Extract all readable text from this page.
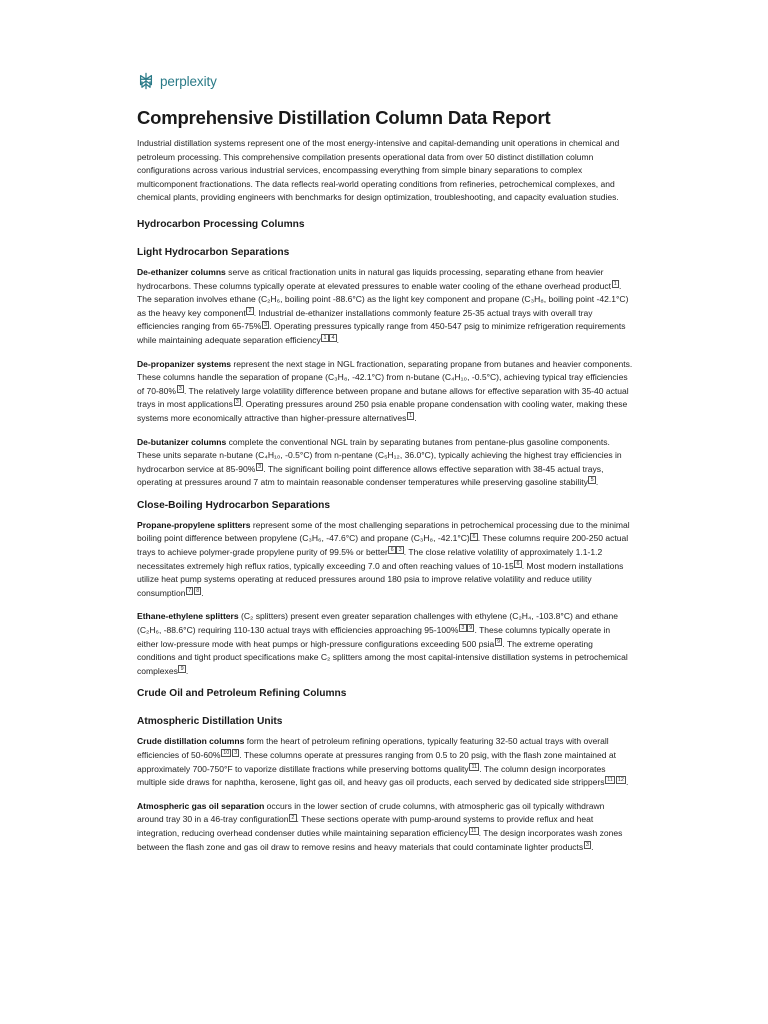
perplexity
Comprehensive Distillation Column Data Report

Industrial distillation systems represent one of the most energy-intensive and capital-demanding unit operations in chemical and petroleum processing. This comprehensive compilation presents operational data from over 50 distinct distillation column configurations across various industrial services, encompassing everything from simple binary separations to complex multicomponent fractionations. The data reflects real-world operating conditions from refineries, petrochemical complexes, and chemical plants, providing engineers with benchmarks for design optimization, troubleshooting, and capacity evaluation studies.

Hydrocarbon Processing Columns
Light Hydrocarbon Separations

De-ethanizer columns serve as critical fractionation units in natural gas liquids processing, separating ethane from heavier hydrocarbons. These columns typically operate at elevated pressures to enable water cooling of the ethane overhead product $^1$ . The separation involves ethane (C₂H₆, boiling point -88.6°C) as the light key component and propane (C₃H₈, boiling point -42.1°C) as the heavy key component $^2$ . Industrial de-ethanizer installations commonly feature 25-35 actual trays with overall tray efficiencies ranging from 65-75% $^3$ . Operating pressures typically range from 450-547 psig to minimize refrigeration requirements while maintaining adequate separation efficiency $^1$ $^4$ .

De-propanizer systems represent the next stage in NGL fractionation, separating propane from butanes and heavier components. These columns handle the separation of propane (C₃H₈, -42.1°C) from n-butane (C₄H₁₀, -0.5°C), achieving typical tray efficiencies of 70-80% $^3$ . The relatively large volatility difference between propane and butane allows for effective separation with 35-40 actual trays in most applications $^3$ . Operating pressures around 250 psia enable propane condensation with cooling water, making these systems more economically attractive than higher-pressure alternatives $^1$ .

De-butanizer columns complete the conventional NGL train by separating butanes from pentane-plus gasoline components. These units separate n-butane (C₄H₁₀, -0.5°C) from n-pentane (C₅H₁₂, 36.0°C), typically achieving the highest tray efficiencies in hydrocarbon service at 85-90% $^3$ . The significant boiling point difference allows effective separation with 38-45 actual trays, operating at pressures around 7 atm to maintain reasonable condenser temperatures while preserving gasoline stability $^5$ .

Close-Boiling Hydrocarbon Separations

Propane-propylene splitters represent some of the most challenging separations in petrochemical processing due to the minimal boiling point difference between propylene (C₃H₆, -47.6°C) and propane (C₃H₈, -42.1°C) $^6$ . These columns require 200-250 actual trays to achieve polymer-grade propylene purity of 99.5% or better $^6$ $^3$ . The close relative volatility of approximately 1.1-1.2 necessitates extremely high reflux ratios, typically exceeding 7.0 and often reaching values of 10-15 $^6$ . Most modern installations utilize heat pump systems operating at reduced pressures around 180 psia to improve relative volatility and reduce utility consumption $^7$ $^8$ .

Ethane-ethylene splitters (C₂ splitters) present even greater separation challenges with ethylene (C₂H₄, -103.8°C) and ethane (C₂H₆, -88.6°C) requiring 110-130 actual trays with efficiencies approaching 95-100% $^3$ $^9$ . These columns typically operate in either low-pressure mode with heat pumps or high-pressure configurations exceeding 500 psia $^9$ . The extreme operating conditions and tight product specifications make C₂ splitters among the most capital-intensive distillation systems in petrochemical complexes $^9$ .

Crude Oil and Petroleum Refining Columns
Atmospheric Distillation Units

Crude distillation columns form the heart of petroleum refining operations, typically featuring 32-50 actual trays with overall efficiencies of 50-60% $^{10}$ $^3$ . These columns operate at pressures ranging from 0.5 to 20 psig, with the flash zone maintained at approximately 700-750°F to vaporize distillate fractions while preserving bottoms quality $^{11}$ . The column design incorporates multiple side draws for naphtha, kerosene, light gas oil, and heavy gas oil products, each served by dedicated side strippers $^{11}$ $^{12}$ .

Atmospheric gas oil separation occurs in the lower section of crude columns, with atmospheric gas oil typically withdrawn around tray 30 in a 46-tray configuration $^2$ . These sections operate with pump-around systems to provide reflux and heat integration, reducing overhead condenser duties while maintaining separation efficiency $^{11}$ . The design incorporates wash zones between the flash zone and gas oil draw to remove resins and heavy materials that could contaminate lighter products $^3$ .
